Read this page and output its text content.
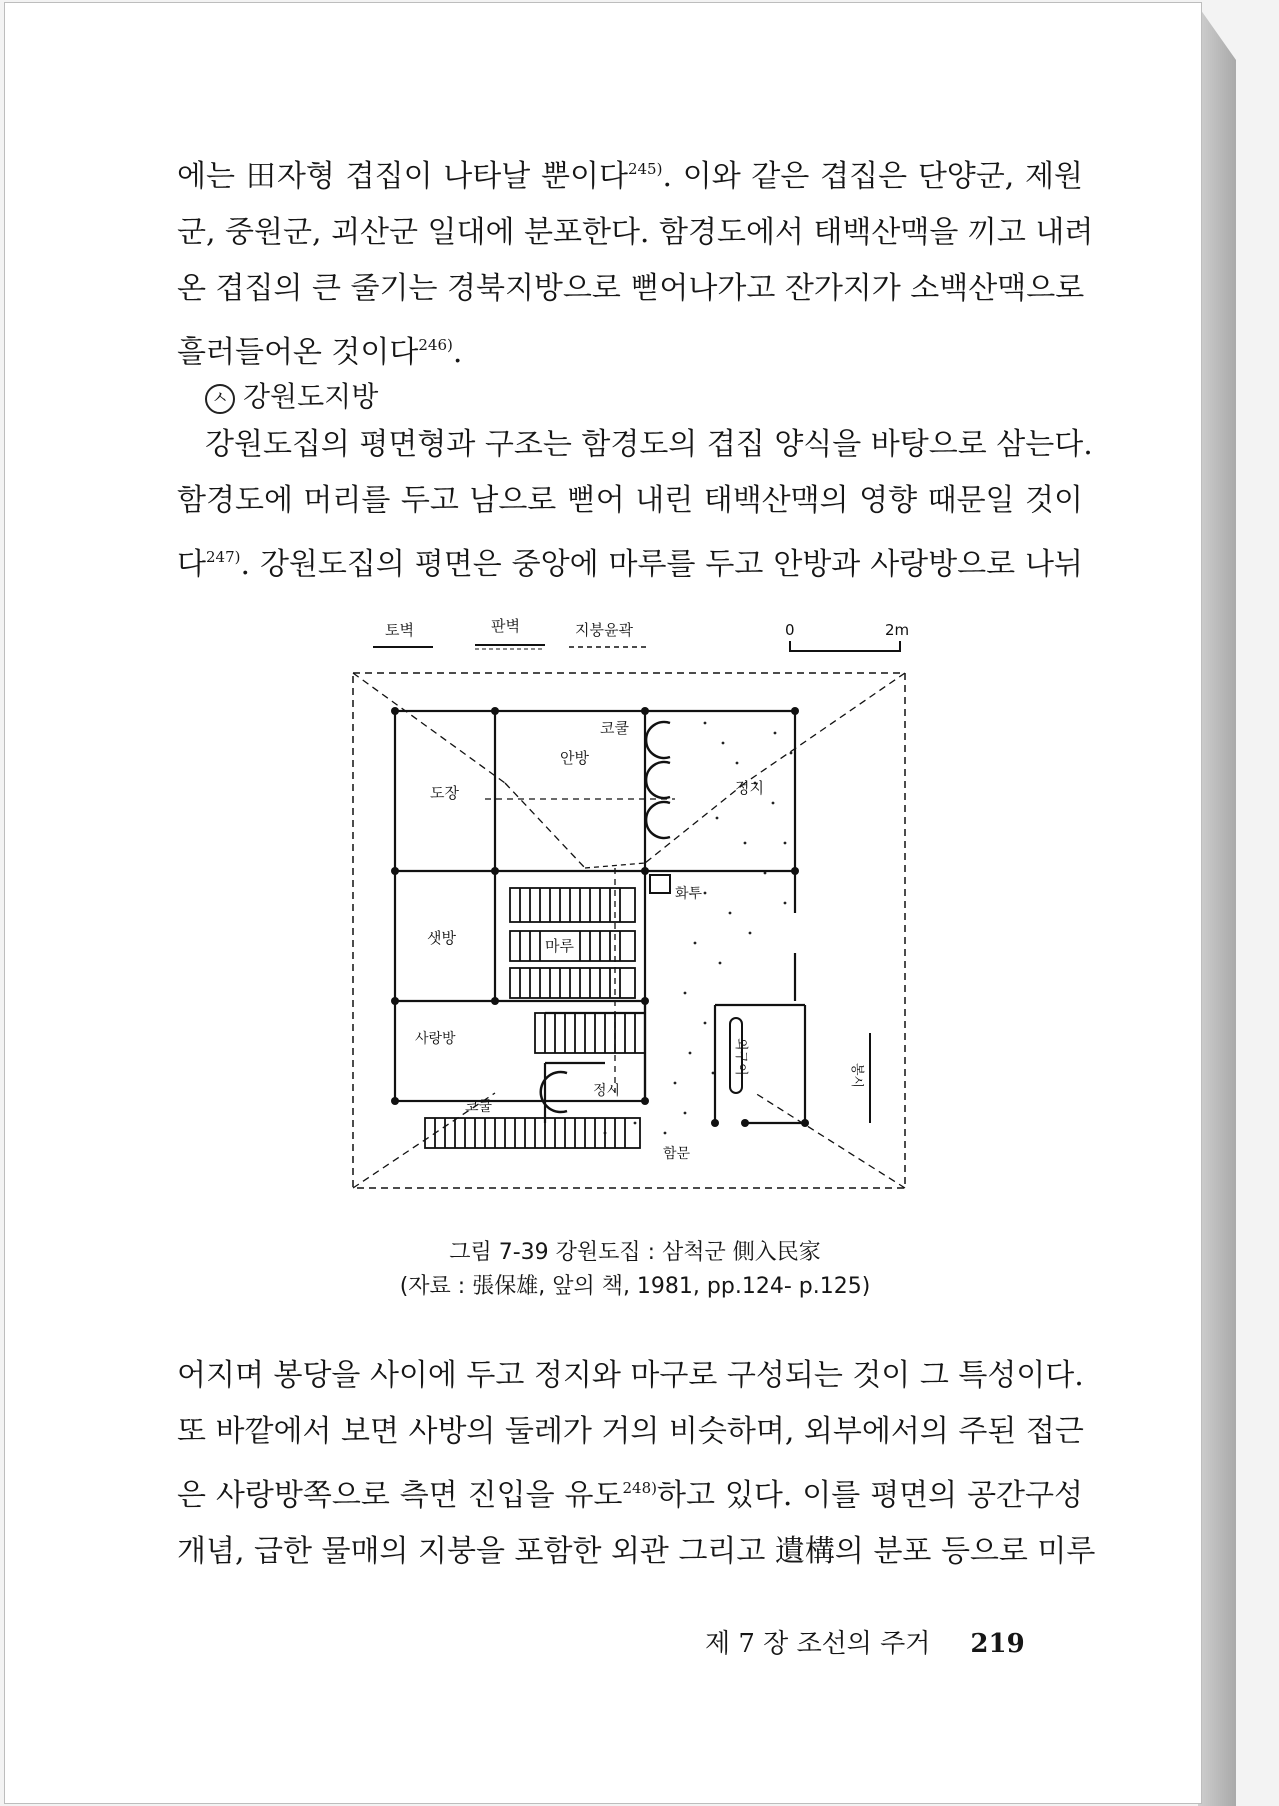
에는 田자형 겹집이 나타날 뿐이다$^{245)}$. 이와 같은 겹집은 단양군, 제원
군, 중원군, 괴산군 일대에 분포한다. 함경도에서 태백산맥을 끼고 내려
온 겹집의 큰 줄기는 경북지방으로 뻗어나가고 잔가지가 소백산맥으로
흘러들어온 것이다$^{246)}$.
ㅅ 강원도지방
강원도집의 평면형과 구조는 함경도의 겹집 양식을 바탕으로 삼는다.
함경도에 머리를 두고 남으로 뻗어 내린 태백산맥의 영향 때문일 것이
다$^{247)}$. 강원도집의 평면은 중앙에 마루를 두고 안방과 사랑방으로 나뉘
토벽	판벽	지붕윤곽	0	2m
안방
도장
코쿨
정지
화투
샛방	마루
사랑방
코쿨
정시
함문
외구이	봉시
그림 7-39 강원도집 : 삼척군 側入民家
(자료 : 張保雄, 앞의 책, 1981, pp.124- p.125)
어지며 봉당을 사이에 두고 정지와 마구로 구성되는 것이 그 특성이다.
또 바깥에서 보면 사방의 둘레가 거의 비슷하며, 외부에서의 주된 접근
은 사랑방쪽으로 측면 진입을 유도$^{248)}$하고 있다. 이를 평면의 공간구성
개념, 급한 물매의 지붕을 포함한 외관 그리고 遺構의 분포 등으로 미루
제 7 장 조선의 주거 219
